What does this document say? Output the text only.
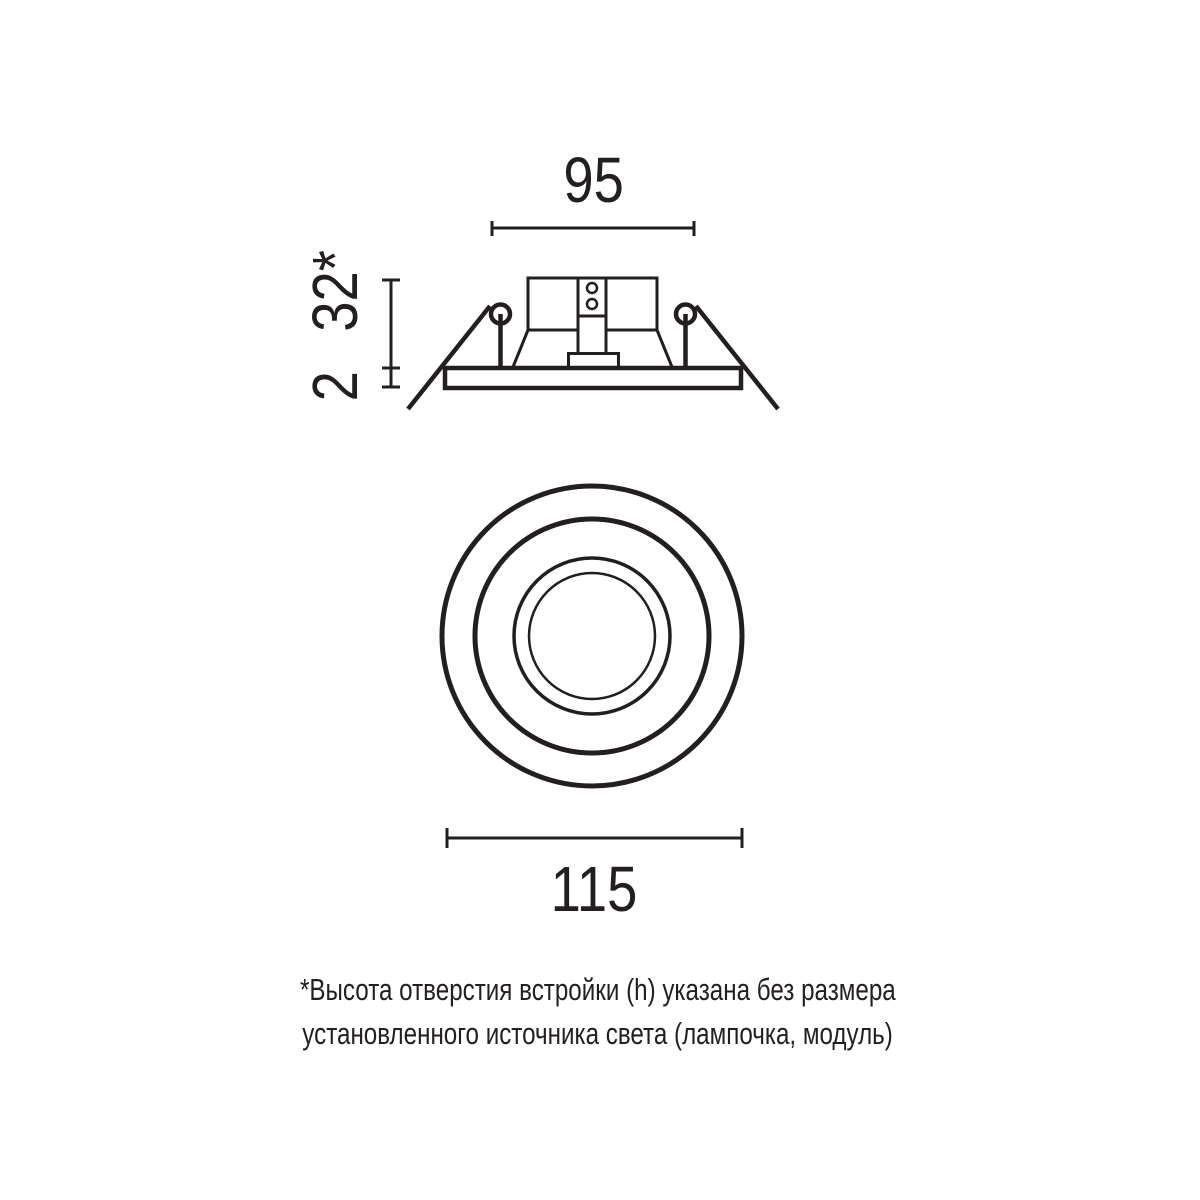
95
32*
2
115
*Высота отверстия встройки (h) указана без размера
установленного источника света (лампочка, модуль)
